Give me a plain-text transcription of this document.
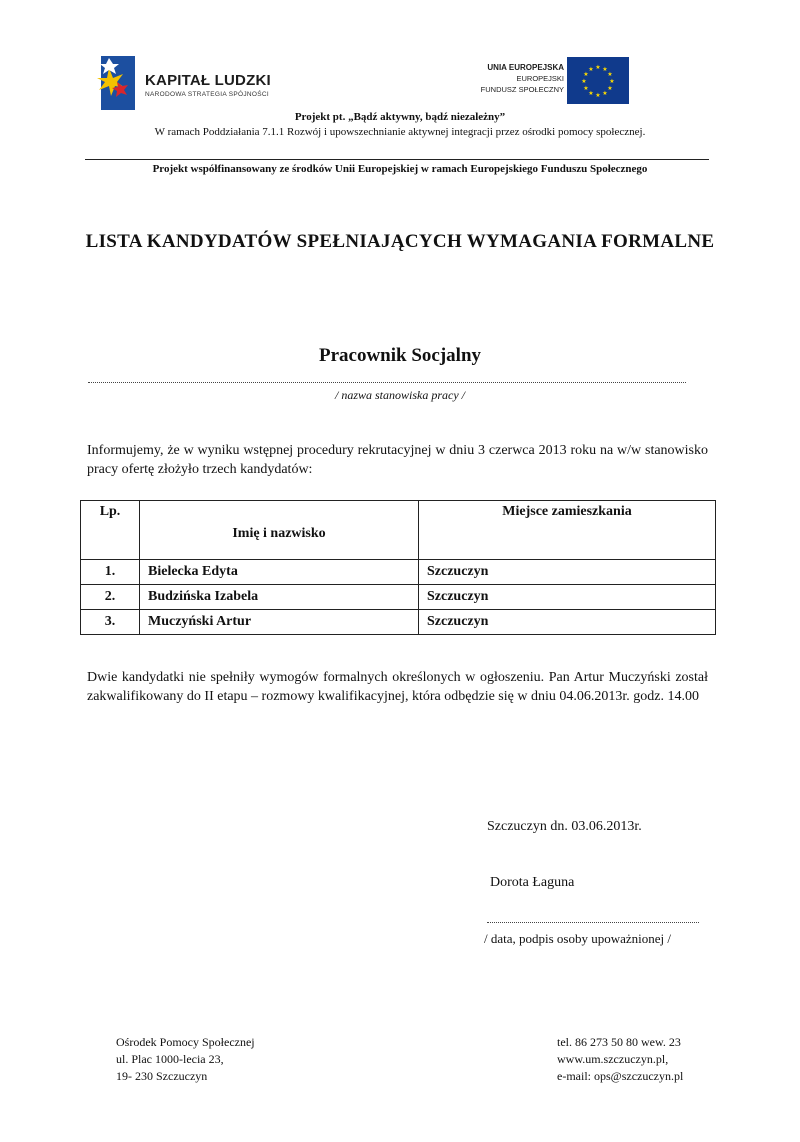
KAPITAŁ LUDZKI
NARODOWA STRATEGIA SPÓJNOŚCI
UNIA EUROPEJSKA
EUROPEJSKI
FUNDUSZ SPOŁECZNY
★ ★
★
★
★
★
★
★
★
★
★
★
Projekt pt. „Bądź aktywny, bądź niezależny”
W ramach Poddziałania 7.1.1 Rozwój i upowszechnianie aktywnej integracji przez ośrodki pomocy społecznej.
Projekt współfinansowany ze środków Unii Europejskiej w ramach Europejskiego Funduszu Społecznego
LISTA KANDYDATÓW SPEŁNIAJĄCYCH WYMAGANIA FORMALNE
Pracownik Socjalny
/ nazwa stanowiska pracy /
Informujemy, że w wyniku wstępnej procedury rekrutacyjnej w dniu 3 czerwca 2013 roku na w/w stanowisko pracy ofertę złożyło trzech kandydatów:
Lp.	Imię i nazwisko	Miejsce zamieszkania
1.	Bielecka Edyta	Szczuczyn
2.	Budzińska Izabela	Szczuczyn
3.	Muczyński Artur	Szczuczyn
Dwie kandydatki nie spełniły wymogów formalnych określonych w ogłoszeniu. Pan Artur Muczyński został zakwalifikowany do II etapu – rozmowy kwalifikacyjnej, która odbędzie się w dniu 04.06.2013r. godz. 14.00
Szczuczyn dn. 03.06.2013r.
Dorota Łaguna
/ data, podpis osoby upoważnionej /
Ośrodek Pomocy Społecznej
ul. Plac 1000-lecia 23,
19- 230 Szczuczyn
tel. 86 273 50 80 wew. 23
www.um.szczuczyn.pl,
e-mail: ops@szczuczyn.pl
